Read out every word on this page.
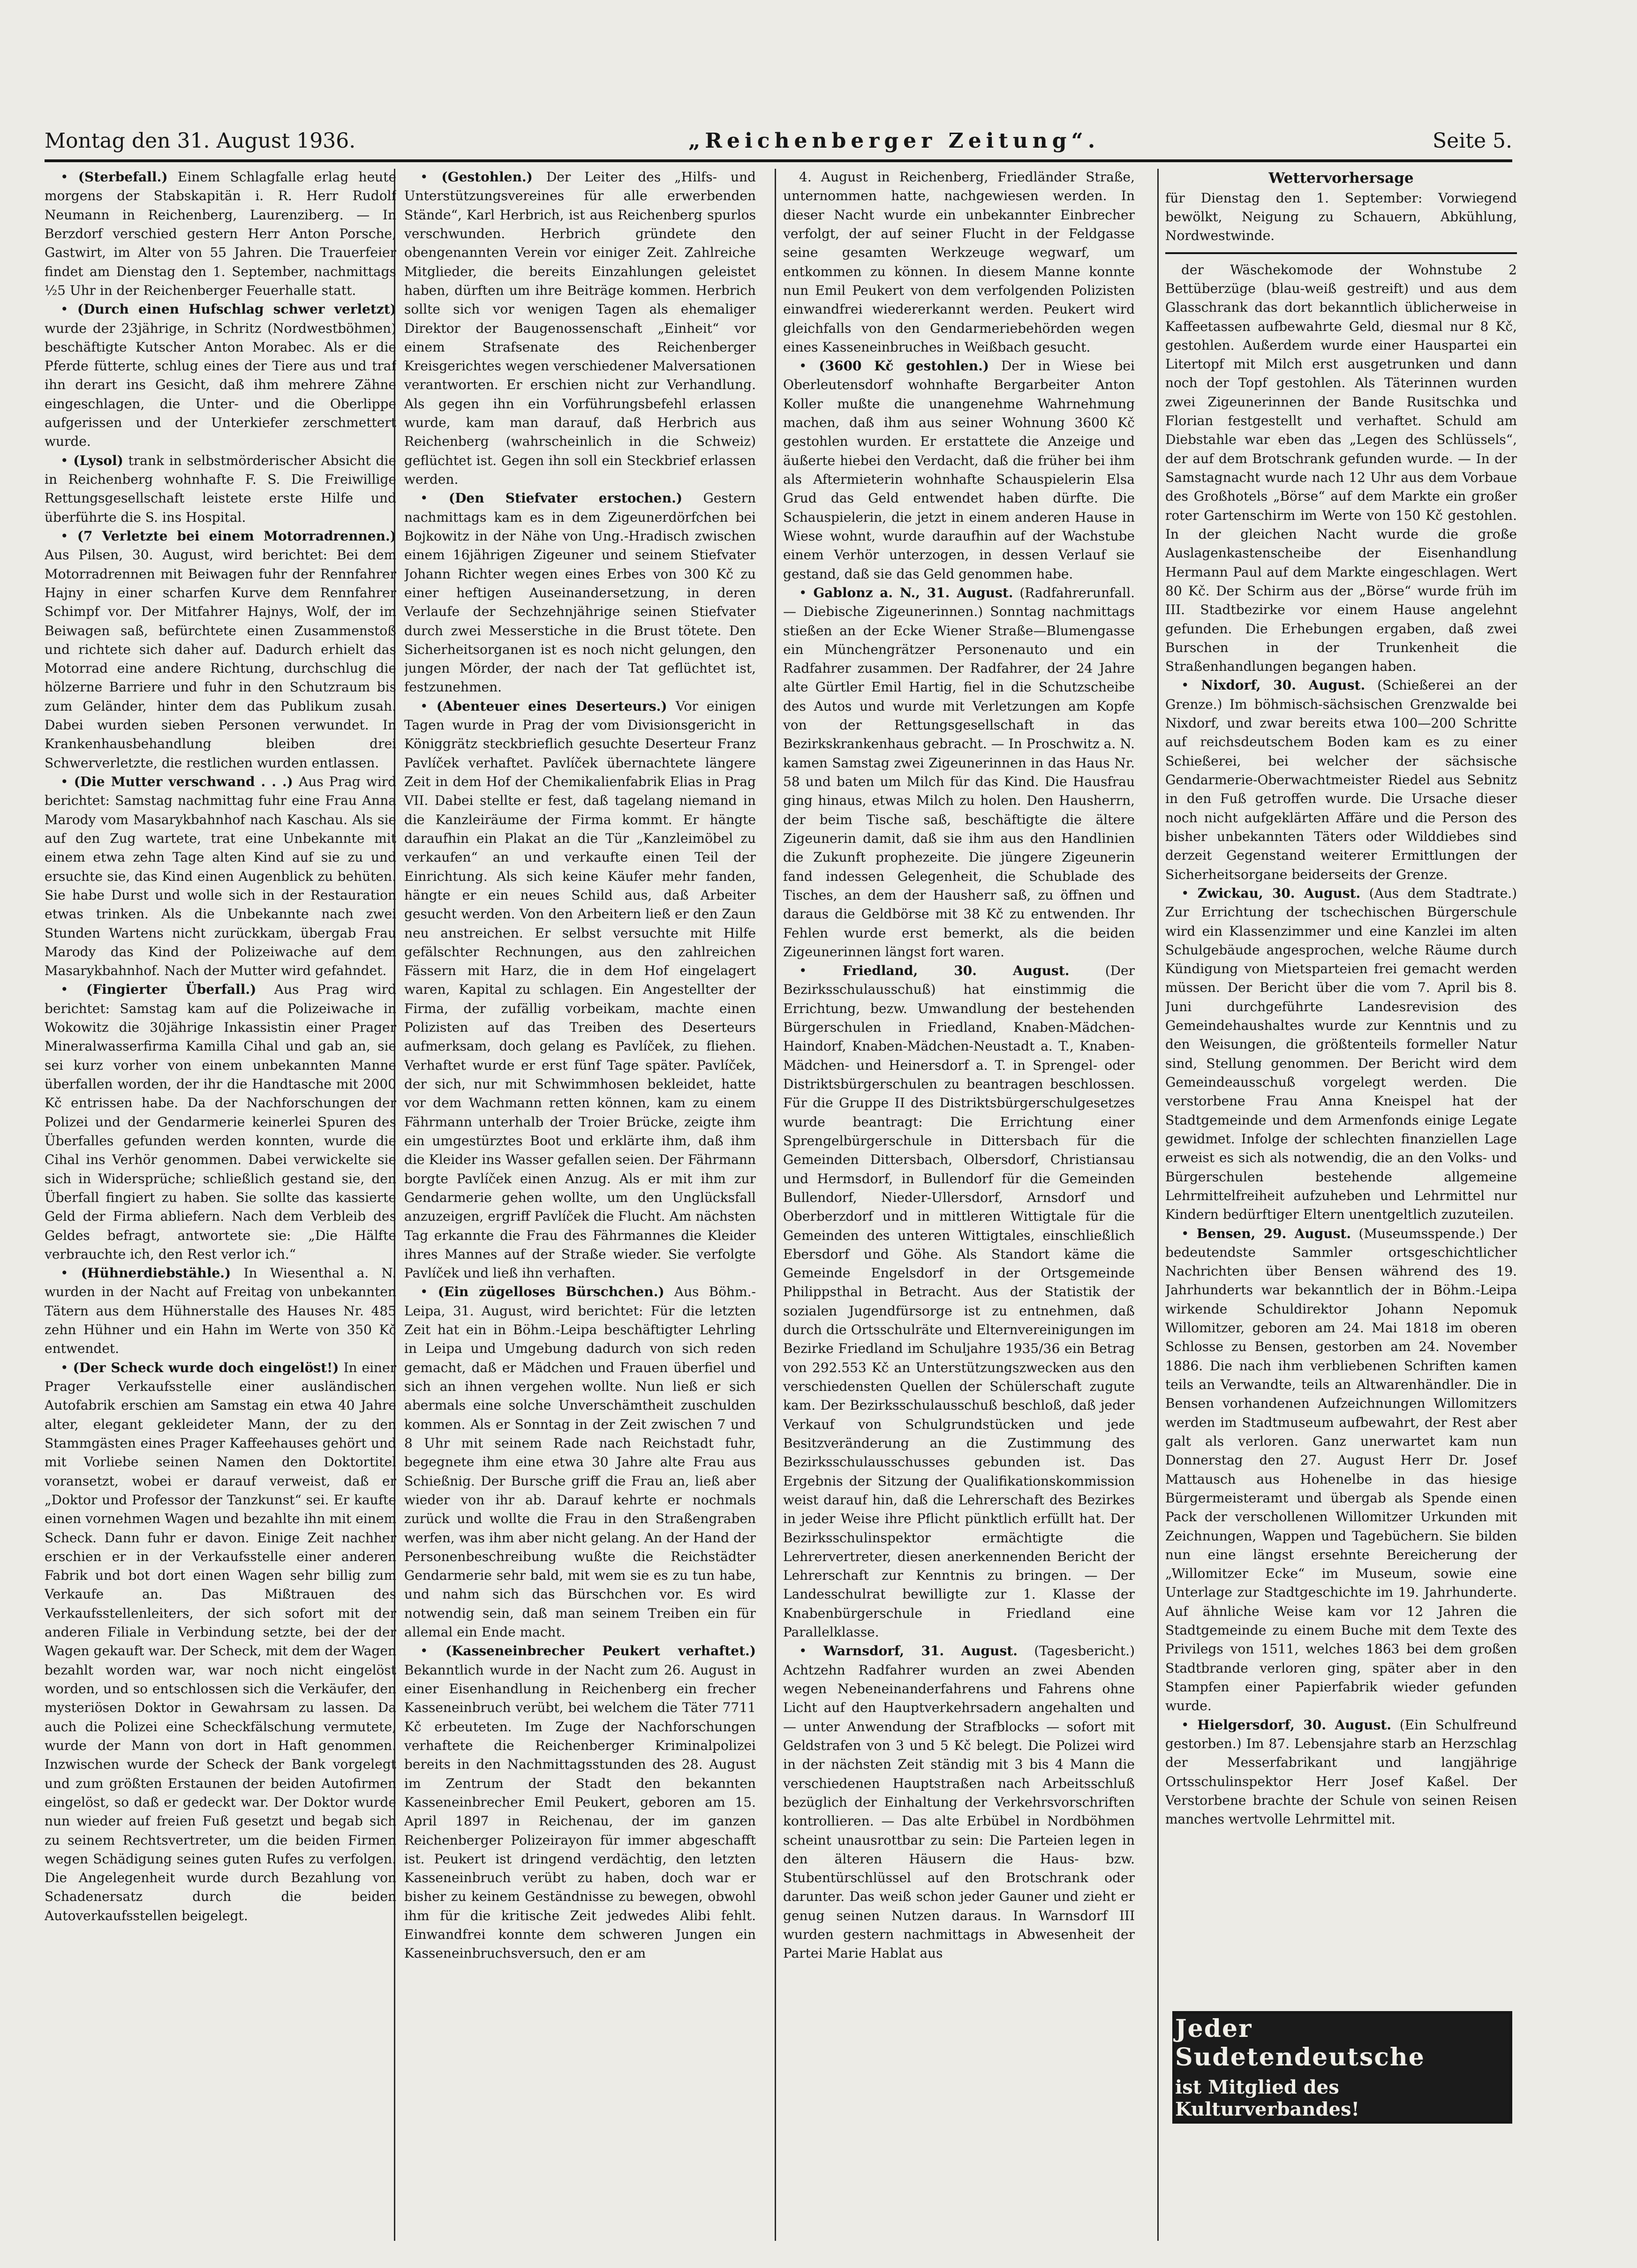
Montag den 31. August 1936.	„Reichenberger Zeitung“.	Seite 5.

• (Sterbefall.) Einem Schlagfalle erlag heute morgens der Stabskapitän i. R. Herr Rudolf Neumann in Reichenberg, Laurenziberg. — In Berzdorf verschied gestern Herr Anton Porsche, Gastwirt, im Alter von 55 Jahren. Die Trauerfeier findet am Dienstag den 1. September, nachmittags ½5 Uhr in der Reichenberger Feuerhalle statt.

• (Durch einen Hufschlag schwer verletzt) wurde der 23jährige, in Schritz (Nordwestböhmen) beschäftigte Kutscher Anton Morabec. Als er die Pferde fütterte, schlug eines der Tiere aus und traf ihn derart ins Gesicht, daß ihm mehrere Zähne eingeschlagen, die Unter- und die Oberlippe aufgerissen und der Unterkiefer zerschmettert wurde.

• (Lysol) trank in selbstmörderischer Absicht die in Reichenberg wohnhafte F. S. Die Freiwillige Rettungsgesellschaft leistete erste Hilfe und überführte die S. ins Hospital.

• (7 Verletzte bei einem Motorradrennen.) Aus Pilsen, 30. August, wird berichtet: Bei dem Motorradrennen mit Beiwagen fuhr der Rennfahrer Hajny in einer scharfen Kurve dem Rennfahrer Schimpf vor. Der Mitfahrer Hajnys, Wolf, der im Beiwagen saß, befürchtete einen Zusammenstoß und richtete sich daher auf. Dadurch erhielt das Motorrad eine andere Richtung, durchschlug die hölzerne Barriere und fuhr in den Schutzraum bis zum Geländer, hinter dem das Publikum zusah. Dabei wurden sieben Personen verwundet. In Krankenhausbehandlung bleiben drei Schwerverletzte, die restlichen wurden entlassen.

• (Die Mutter verschwand . . .) Aus Prag wird berichtet: Samstag nachmittag fuhr eine Frau Anna Marody vom Masarykbahnhof nach Kaschau. Als sie auf den Zug wartete, trat eine Unbekannte mit einem etwa zehn Tage alten Kind auf sie zu und ersuchte sie, das Kind einen Augenblick zu behüten. Sie habe Durst und wolle sich in der Restauration etwas trinken. Als die Unbekannte nach zwei Stunden Wartens nicht zurückkam, übergab Frau Marody das Kind der Polizeiwache auf dem Masarykbahnhof. Nach der Mutter wird gefahndet.

• (Fingierter Überfall.) Aus Prag wird berichtet: Samstag kam auf die Polizeiwache in Wokowitz die 30jährige Inkassistin einer Prager Mineralwasserfirma Kamilla Cihal und gab an, sie sei kurz vorher von einem unbekannten Manne überfallen worden, der ihr die Handtasche mit 2000 Kč entrissen habe. Da der Nachforschungen der Polizei und der Gendarmerie keinerlei Spuren des Überfalles gefunden werden konnten, wurde die Cihal ins Verhör genommen. Dabei verwickelte sie sich in Widersprüche; schließlich gestand sie, den Überfall fingiert zu haben. Sie sollte das kassierte Geld der Firma abliefern. Nach dem Verbleib des Geldes befragt, antwortete sie: „Die Hälfte verbrauchte ich, den Rest verlor ich.“

• (Hühnerdiebstähle.) In Wiesenthal a. N. wurden in der Nacht auf Freitag von unbekannten Tätern aus dem Hühnerstalle des Hauses Nr. 485 zehn Hühner und ein Hahn im Werte von 350 Kč entwendet.

• (Der Scheck wurde doch eingelöst!) In einer Prager Verkaufsstelle einer ausländischen Autofabrik erschien am Samstag ein etwa 40 Jahre alter, elegant gekleideter Mann, der zu den Stammgästen eines Prager Kaffeehauses gehört und mit Vorliebe seinen Namen den Doktortitel voransetzt, wobei er darauf verweist, daß er „Doktor und Professor der Tanzkunst“ sei. Er kaufte einen vornehmen Wagen und bezahlte ihn mit einem Scheck. Dann fuhr er davon. Einige Zeit nachher erschien er in der Verkaufsstelle einer anderen Fabrik und bot dort einen Wagen sehr billig zum Verkaufe an. Das Mißtrauen des Verkaufsstellenleiters, der sich sofort mit der anderen Filiale in Verbindung setzte, bei der der Wagen gekauft war. Der Scheck, mit dem der Wagen bezahlt worden war, war noch nicht eingelöst worden, und so entschlossen sich die Verkäufer, den mysteriösen Doktor in Gewahrsam zu lassen. Da auch die Polizei eine Scheckfälschung vermutete, wurde der Mann von dort in Haft genommen. Inzwischen wurde der Scheck der Bank vorgelegt und zum größten Erstaunen der beiden Autofirmen eingelöst, so daß er gedeckt war. Der Doktor wurde nun wieder auf freien Fuß gesetzt und begab sich zu seinem Rechtsvertreter, um die beiden Firmen wegen Schädigung seines guten Rufes zu verfolgen. Die Angelegenheit wurde durch Bezahlung von Schadenersatz durch die beiden Autoverkaufsstellen beigelegt.

• (Gestohlen.) Der Leiter des „Hilfs- und Unterstützungsvereines für alle erwerbenden Stände“, Karl Herbrich, ist aus Reichenberg spurlos verschwunden. Herbrich gründete den obengenannten Verein vor einiger Zeit. Zahlreiche Mitglieder, die bereits Einzahlungen geleistet haben, dürften um ihre Beiträge kommen. Herbrich sollte sich vor wenigen Tagen als ehemaliger Direktor der Baugenossenschaft „Einheit“ vor einem Strafsenate des Reichenberger Kreisgerichtes wegen verschiedener Malversationen verantworten. Er erschien nicht zur Verhandlung. Als gegen ihn ein Vorführungsbefehl erlassen wurde, kam man darauf, daß Herbrich aus Reichenberg (wahrscheinlich in die Schweiz) geflüchtet ist. Gegen ihn soll ein Steckbrief erlassen werden.

• (Den Stiefvater erstochen.) Gestern nachmittags kam es in dem Zigeunerdörfchen bei Bojkowitz in der Nähe von Ung.-Hradisch zwischen einem 16jährigen Zigeuner und seinem Stiefvater Johann Richter wegen eines Erbes von 300 Kč zu einer heftigen Auseinandersetzung, in deren Verlaufe der Sechzehnjährige seinen Stiefvater durch zwei Messerstiche in die Brust tötete. Den Sicherheitsorganen ist es noch nicht gelungen, den jungen Mörder, der nach der Tat geflüchtet ist, festzunehmen.

• (Abenteuer eines Deserteurs.) Vor einigen Tagen wurde in Prag der vom Divisionsgericht in Königgrätz steckbrieflich gesuchte Deserteur Franz Pavlíček verhaftet. Pavlíček übernachtete längere Zeit in dem Hof der Chemikalienfabrik Elias in Prag VII. Dabei stellte er fest, daß tagelang niemand in die Kanzleiräume der Firma kommt. Er hängte daraufhin ein Plakat an die Tür „Kanzleimöbel zu verkaufen“ an und verkaufte einen Teil der Einrichtung. Als sich keine Käufer mehr fanden, hängte er ein neues Schild aus, daß Arbeiter gesucht werden. Von den Arbeitern ließ er den Zaun neu anstreichen. Er selbst versuchte mit Hilfe gefälschter Rechnungen, aus den zahlreichen Fässern mit Harz, die in dem Hof eingelagert waren, Kapital zu schlagen. Ein Angestellter der Firma, der zufällig vorbeikam, machte einen Polizisten auf das Treiben des Deserteurs aufmerksam, doch gelang es Pavlíček, zu fliehen. Verhaftet wurde er erst fünf Tage später. Pavlíček, der sich, nur mit Schwimmhosen bekleidet, hatte vor dem Wachmann retten können, kam zu einem Fährmann unterhalb der Troier Brücke, zeigte ihm ein umgestürztes Boot und erklärte ihm, daß ihm die Kleider ins Wasser gefallen seien. Der Fährmann borgte Pavlíček einen Anzug. Als er mit ihm zur Gendarmerie gehen wollte, um den Unglücksfall anzuzeigen, ergriff Pavlíček die Flucht. Am nächsten Tag erkannte die Frau des Fährmannes die Kleider ihres Mannes auf der Straße wieder. Sie verfolgte Pavlíček und ließ ihn verhaften.

• (Ein zügelloses Bürschchen.) Aus Böhm.-Leipa, 31. August, wird berichtet: Für die letzten Zeit hat ein in Böhm.-Leipa beschäftigter Lehrling in Leipa und Umgebung dadurch von sich reden gemacht, daß er Mädchen und Frauen überfiel und sich an ihnen vergehen wollte. Nun ließ er sich abermals eine solche Unverschämtheit zuschulden kommen. Als er Sonntag in der Zeit zwischen 7 und 8 Uhr mit seinem Rade nach Reichstadt fuhr, begegnete ihm eine etwa 30 Jahre alte Frau aus Schießnig. Der Bursche griff die Frau an, ließ aber wieder von ihr ab. Darauf kehrte er nochmals zurück und wollte die Frau in den Straßengraben werfen, was ihm aber nicht gelang. An der Hand der Personenbeschreibung wußte die Reichstädter Gendarmerie sehr bald, mit wem sie es zu tun habe, und nahm sich das Bürschchen vor. Es wird notwendig sein, daß man seinem Treiben ein für allemal ein Ende macht.

• (Kasseneinbrecher Peukert verhaftet.) Bekanntlich wurde in der Nacht zum 26. August in einer Eisenhandlung in Reichenberg ein frecher Kasseneinbruch verübt, bei welchem die Täter 7711 Kč erbeuteten. Im Zuge der Nachforschungen verhaftete die Reichenberger Kriminalpolizei bereits in den Nachmittagsstunden des 28. August im Zentrum der Stadt den bekannten Kasseneinbrecher Emil Peukert, geboren am 15. April 1897 in Reichenau, der im ganzen Reichenberger Polizeirayon für immer abgeschafft ist. Peukert ist dringend verdächtig, den letzten Kasseneinbruch verübt zu haben, doch war er bisher zu keinem Geständnisse zu bewegen, obwohl ihm für die kritische Zeit jedwedes Alibi fehlt. Einwandfrei konnte dem schweren Jungen ein Kasseneinbruchsversuch, den er am

4. August in Reichenberg, Friedländer Straße, unternommen hatte, nachgewiesen werden. In dieser Nacht wurde ein unbekannter Einbrecher verfolgt, der auf seiner Flucht in der Feldgasse seine gesamten Werkzeuge wegwarf, um entkommen zu können. In diesem Manne konnte nun Emil Peukert von dem verfolgenden Polizisten einwandfrei wiedererkannt werden. Peukert wird gleichfalls von den Gendarmeriebehörden wegen eines Kasseneinbruches in Weißbach gesucht.

• (3600 Kč gestohlen.) Der in Wiese bei Oberleutensdorf wohnhafte Bergarbeiter Anton Koller mußte die unangenehme Wahrnehmung machen, daß ihm aus seiner Wohnung 3600 Kč gestohlen wurden. Er erstattete die Anzeige und äußerte hiebei den Verdacht, daß die früher bei ihm als Aftermieterin wohnhafte Schauspielerin Elsa Grud das Geld entwendet haben dürfte. Die Schauspielerin, die jetzt in einem anderen Hause in Wiese wohnt, wurde daraufhin auf der Wachstube einem Verhör unterzogen, in dessen Verlauf sie gestand, daß sie das Geld genommen habe.

• Gablonz a. N., 31. August. (Radfahrerunfall. — Diebische Zigeunerinnen.) Sonntag nachmittags stießen an der Ecke Wiener Straße—Blumengasse ein Münchengrätzer Personenauto und ein Radfahrer zusammen. Der Radfahrer, der 24 Jahre alte Gürtler Emil Hartig, fiel in die Schutzscheibe des Autos und wurde mit Verletzungen am Kopfe von der Rettungsgesellschaft in das Bezirkskrankenhaus gebracht. — In Proschwitz a. N. kamen Samstag zwei Zigeunerinnen in das Haus Nr. 58 und baten um Milch für das Kind. Die Hausfrau ging hinaus, etwas Milch zu holen. Den Hausherrn, der beim Tische saß, beschäftigte die ältere Zigeunerin damit, daß sie ihm aus den Handlinien die Zukunft prophezeite. Die jüngere Zigeunerin fand indessen Gelegenheit, die Schublade des Tisches, an dem der Hausherr saß, zu öffnen und daraus die Geldbörse mit 38 Kč zu entwenden. Ihr Fehlen wurde erst bemerkt, als die beiden Zigeunerinnen längst fort waren.

• Friedland, 30. August.	(Der Bezirksschulausschuß) hat einstimmig die Errichtung, bezw. Umwandlung der bestehenden Bürgerschulen in Friedland, Knaben-Mädchen-Haindorf, Knaben-Mädchen-Neustadt a. T., Knaben-Mädchen- und Heinersdorf a. T. in Sprengel- oder Distriktsbürgerschulen zu beantragen beschlossen. Für die Gruppe II des Distriktsbürgerschulgesetzes wurde beantragt: Die Errichtung einer Sprengelbürgerschule in Dittersbach für die Gemeinden Dittersbach, Olbersdorf, Christiansau und Hermsdorf, in Bullendorf für die Gemeinden Bullendorf, Nieder-Ullersdorf, Arnsdorf und Oberberzdorf und in mittleren Wittigtale für die Gemeinden des unteren Wittigtales, einschließlich Ebersdorf und Göhe. Als Standort käme die Gemeinde Engelsdorf in der Ortsgemeinde Philippsthal in Betracht. Aus der Statistik der sozialen Jugendfürsorge ist zu entnehmen, daß durch die Ortsschulräte und Elternvereinigungen im Bezirke Friedland im Schuljahre 1935/36 ein Betrag von 292.553 Kč an Unterstützungszwecken aus den verschiedensten Quellen der Schülerschaft zugute kam. Der Bezirksschulausschuß beschloß, daß jeder Verkauf von Schulgrundstücken und jede Besitzveränderung an die Zustimmung des Bezirksschulausschusses gebunden ist. Das Ergebnis der Sitzung der Qualifikationskommission weist darauf hin, daß die Lehrerschaft des Bezirkes in jeder Weise ihre Pflicht pünktlich erfüllt hat. Der Bezirksschulinspektor ermächtigte die Lehrervertreter, diesen anerkennenden Bericht der Lehrerschaft zur Kenntnis zu bringen. — Der Landesschulrat bewilligte zur 1. Klasse der Knabenbürgerschule in Friedland eine Parallelklasse.

• Warnsdorf, 31. August. (Tagesbericht.) Achtzehn Radfahrer wurden an zwei Abenden wegen Nebeneinanderfahrens und Fahrens ohne Licht auf den Hauptverkehrsadern angehalten und — unter Anwendung der Strafblocks — sofort mit Geldstrafen von 3 und 5 Kč belegt. Die Polizei wird in der nächsten Zeit ständig mit 3 bis 4 Mann die verschiedenen Hauptstraßen nach Arbeitsschluß bezüglich der Einhaltung der Verkehrsvorschriften kontrollieren. — Das alte Erbübel in Nordböhmen scheint unausrottbar zu sein: Die Parteien legen in den älteren Häusern die Haus- bzw. Stubentürschlüssel auf den Brotschrank oder darunter. Das weiß schon jeder Gauner und zieht er genug seinen Nutzen daraus. In Warnsdorf III wurden gestern nachmittags in Abwesenheit der Partei Marie Hablat aus

Wettervorhersage

für Dienstag den 1. September: Vorwiegend bewölkt, Neigung zu Schauern, Abkühlung, Nordwestwinde.

der Wäschekomode der Wohnstube 2 Bettüberzüge (blau-weiß gestreift) und aus dem Glasschrank das dort bekanntlich üblicherweise in Kaffeetassen aufbewahrte Geld, diesmal nur 8 Kč, gestohlen. Außerdem wurde einer Hauspartei ein Litertopf mit Milch erst ausgetrunken und dann noch der Topf gestohlen. Als Täterinnen wurden zwei Zigeunerinnen der Bande Rusitschka und Florian festgestellt und verhaftet. Schuld am Diebstahle war eben das „Legen des Schlüssels“, der auf dem Brotschrank gefunden wurde. — In der Samstagnacht wurde nach 12 Uhr aus dem Vorbaue des Großhotels „Börse“ auf dem Markte ein großer roter Gartenschirm im Werte von 150 Kč gestohlen. In der gleichen Nacht wurde die große Auslagenkastenscheibe der Eisenhandlung Hermann Paul auf dem Markte eingeschlagen. Wert 80 Kč. Der Schirm aus der „Börse“ wurde früh im III. Stadtbezirke vor einem Hause angelehnt gefunden. Die Erhebungen ergaben, daß zwei Burschen in der Trunkenheit die Straßenhandlungen begangen haben.

• Nixdorf, 30. August. (Schießerei an der Grenze.) Im böhmisch-sächsischen Grenzwalde bei Nixdorf, und zwar bereits etwa 100—200 Schritte auf reichsdeutschem Boden kam es zu einer Schießerei, bei welcher der sächsische Gendarmerie-Oberwachtmeister Riedel aus Sebnitz in den Fuß getroffen wurde. Die Ursache dieser noch nicht aufgeklärten Affäre und die Person des bisher unbekannten Täters oder Wilddiebes sind derzeit Gegenstand weiterer Ermittlungen der Sicherheitsorgane beiderseits der Grenze.

• Zwickau, 30. August. (Aus dem Stadtrate.) Zur Errichtung der tschechischen Bürgerschule wird ein Klassenzimmer und eine Kanzlei im alten Schulgebäude angesprochen, welche Räume durch Kündigung von Mietsparteien frei gemacht werden müssen. Der Bericht über die vom 7. April bis 8. Juni durchgeführte Landesrevision des Gemeindehaushaltes wurde zur Kenntnis und zu den Weisungen, die größtenteils formeller Natur sind, Stellung genommen. Der Bericht wird dem Gemeindeausschuß vorgelegt werden. Die verstorbene Frau Anna Kneispel hat der Stadtgemeinde und dem Armenfonds einige Legate gewidmet. Infolge der schlechten finanziellen Lage erweist es sich als notwendig, die an den Volks- und Bürgerschulen bestehende allgemeine Lehrmittelfreiheit aufzuheben und Lehrmittel nur Kindern bedürftiger Eltern unentgeltlich zuzuteilen.

• Bensen, 29. August. (Museumsspende.) Der bedeutendste Sammler ortsgeschichtlicher Nachrichten über Bensen während des 19. Jahrhunderts war bekanntlich der in Böhm.-Leipa wirkende Schuldirektor Johann Nepomuk Willomitzer, geboren am 24. Mai 1818 im oberen Schlosse zu Bensen, gestorben am 24. November 1886. Die nach ihm verbliebenen Schriften kamen teils an Verwandte, teils an Altwarenhändler. Die in Bensen vorhandenen Aufzeichnungen Willomitzers werden im Stadtmuseum aufbewahrt, der Rest aber galt als verloren. Ganz unerwartet kam nun Donnerstag den 27. August Herr Dr. Josef Mattausch aus Hohenelbe in das hiesige Bürgermeisteramt und übergab als Spende einen Pack der verschollenen Willomitzer Urkunden mit Zeichnungen, Wappen und Tagebüchern. Sie bilden nun eine längst ersehnte Bereicherung der „Willomitzer Ecke“ im Museum, sowie eine Unterlage zur Stadtgeschichte im 19. Jahrhunderte. Auf ähnliche Weise kam vor 12 Jahren die Stadtgemeinde zu einem Buche mit dem Texte des Privilegs von 1511, welches 1863 bei dem großen Stadtbrande verloren ging, später aber in den Stampfen einer Papierfabrik wieder gefunden wurde.

• Hielgersdorf, 30. August. (Ein Schulfreund gestorben.) Im 87. Lebensjahre starb an Herzschlag der Messerfabrikant und langjährige Ortsschulinspektor Herr Josef Kaßel. Der Verstorbene brachte der Schule von seinen Reisen manches wertvolle Lehrmittel mit.

Jeder Sudetendeutsche
ist Mitglied des Kulturverbandes!
